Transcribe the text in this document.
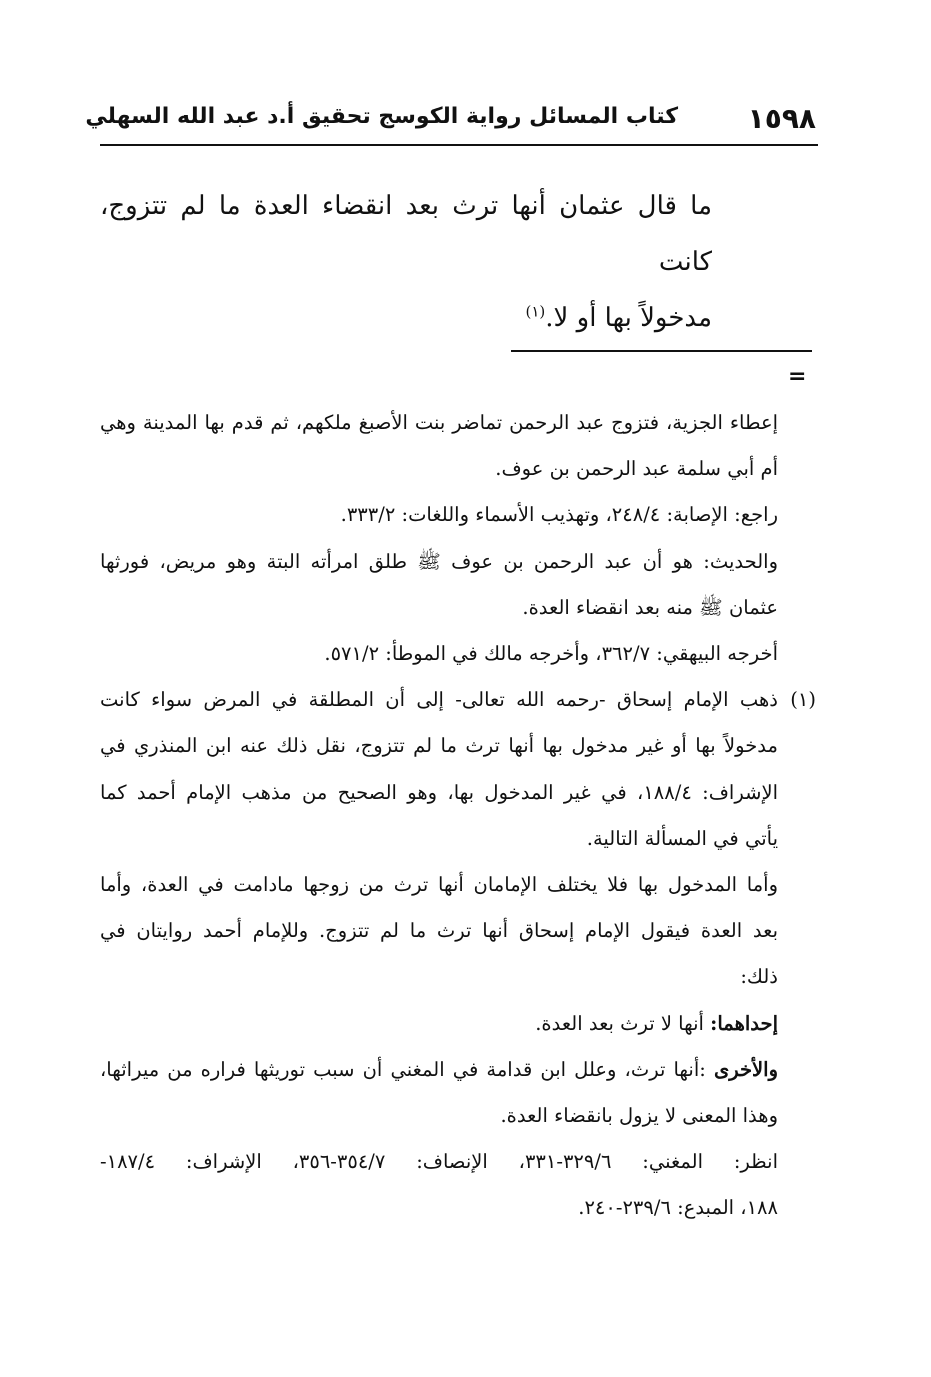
١٥٩٨
كتاب المسائل رواية الكوسج تحقيق أ.د عبد الله السهلي
ما قال عثمان أنها ترث بعد انقضاء العدة ما لم تتزوج، كانت
مدخولاً بها أو لا.$^{(١)}$
=

إعطاء الجزية، فتزوج عبد الرحمن تماضر بنت الأصبغ ملكهم، ثم قدم بها المدينة وهي

أم أبي سلمة عبد الرحمن بن عوف.

راجع: الإصابة: ٢٤٨/٤، وتهذيب الأسماء واللغات: ٣٣٣/٢.

والحديث: هو أن عبد الرحمن بن عوف ﷺ طلق امرأته البتة وهو مريض، فورثها

عثمان ﷺ منه بعد انقضاء العدة.

أخرجه البيهقي: ٣٦٢/٧، وأخرجه مالك في الموطأ: ٥٧١/٢.

(١)

ذهب الإمام إسحاق -رحمه الله تعالى- إلى أن المطلقة في المرض سواء كانت

مدخولاً بها أو غير مدخول بها أنها ترث ما لم تتزوج، نقل ذلك عنه ابن المنذري في

الإشراف: ١٨٨/٤، في غير المدخول بها، وهو الصحيح من مذهب الإمام أحمد كما

يأتي في المسألة التالية.

وأما المدخول بها فلا يختلف الإمامان أنها ترث من زوجها مادامت في العدة، وأما

بعد العدة فيقول الإمام إسحاق أنها ترث ما لم تتزوج. وللإمام أحمد روايتان في

ذلك:

إحداهما: أنها لا ترث بعد العدة.

والأخرى :أنها ترث، وعلل ابن قدامة في المغني أن سبب توريثها فراره من ميراثها،

وهذا المعنى لا يزول بانقضاء العدة.

انظر: المغني: ٣٢٩/٦-٣٣١، الإنصاف: ٣٥٤/٧-٣٥٦، الإشراف: ١٨٧/٤-

١٨٨، المبدع: ٢٣٩/٦-٢٤٠.
